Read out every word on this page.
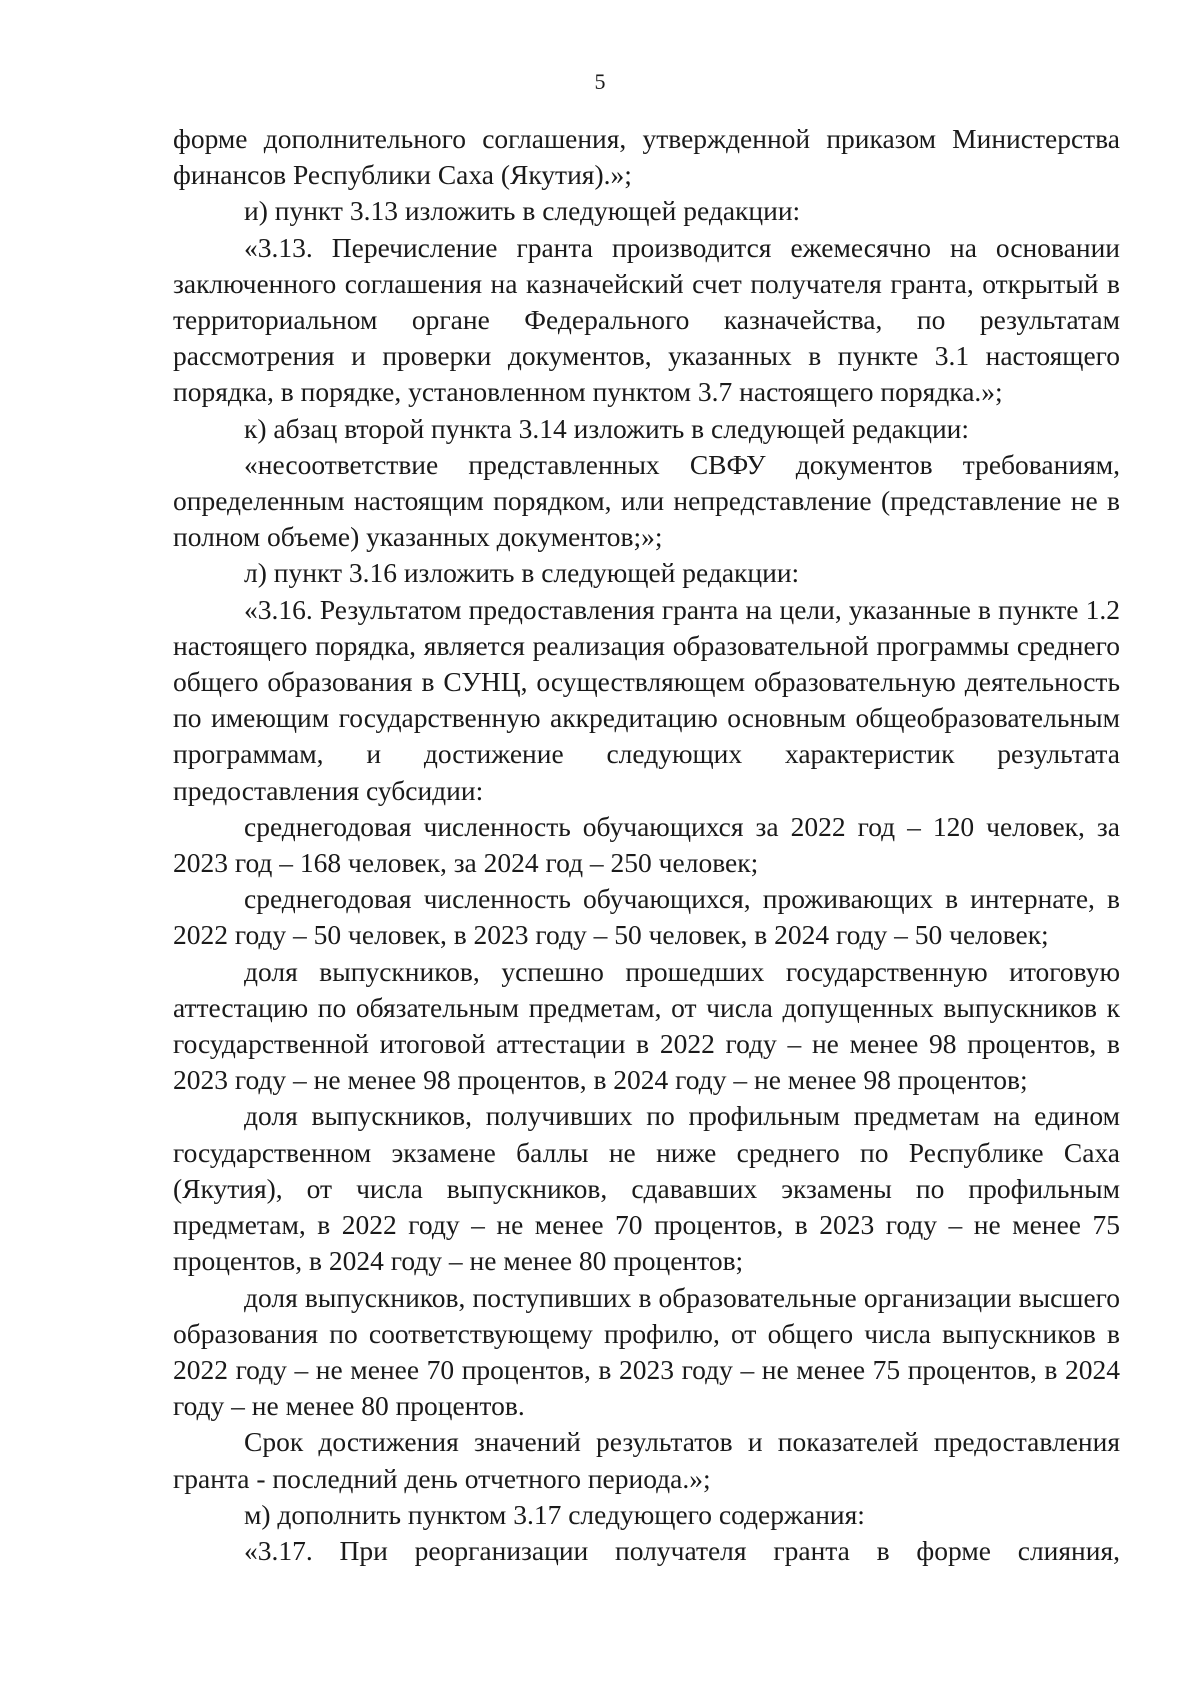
5

форме дополнительного соглашения, утвержденной приказом Министерства финансов Республики Саха (Якутия).»;

и) пункт 3.13 изложить в следующей редакции:

«3.13. Перечисление гранта производится ежемесячно на основании заключенного соглашения на казначейский счет получателя гранта, открытый в территориальном органе Федерального казначейства, по результатам рассмотрения и проверки документов, указанных в пункте 3.1 настоящего порядка, в порядке, установленном пунктом 3.7 настоящего порядка.»;

к) абзац второй пункта 3.14 изложить в следующей редакции:

«несоответствие представленных СВФУ документов требованиям, определенным настоящим порядком, или непредставление (представление не в полном объеме) указанных документов;»;

л) пункт 3.16 изложить в следующей редакции:

«3.16. Результатом предоставления гранта на цели, указанные в пункте 1.2 настоящего порядка, является реализация образовательной программы среднего общего образования в СУНЦ, осуществляющем образовательную деятельность по имеющим государственную аккредитацию основным общеобразовательным программам, и достижение следующих характеристик результата предоставления субсидии:

среднегодовая численность обучающихся за 2022 год – 120 человек, за 2023 год – 168 человек, за 2024 год – 250 человек;

среднегодовая численность обучающихся, проживающих в интернате, в 2022 году – 50 человек, в 2023 году – 50 человек, в 2024 году – 50 человек;

доля выпускников, успешно прошедших государственную итоговую аттестацию по обязательным предметам, от числа допущенных выпускников к государственной итоговой аттестации в 2022 году – не менее 98 процентов, в 2023 году – не менее 98 процентов, в 2024 году – не менее 98 процентов;

доля выпускников, получивших по профильным предметам на едином государственном экзамене баллы не ниже среднего по Республике Саха (Якутия), от числа выпускников, сдававших экзамены по профильным предметам, в 2022 году – не менее 70 процентов, в 2023 году – не менее 75 процентов, в 2024 году – не менее 80 процентов;

доля выпускников, поступивших в образовательные организации высшего образования по соответствующему профилю, от общего числа выпускников в 2022 году – не менее 70 процентов, в 2023 году – не менее 75 процентов, в 2024 году – не менее 80 процентов.

Срок достижения значений результатов и показателей предоставления гранта - последний день отчетного периода.»;

м) дополнить пунктом 3.17 следующего содержания:

«3.17. При реорганизации получателя гранта в форме слияния,
